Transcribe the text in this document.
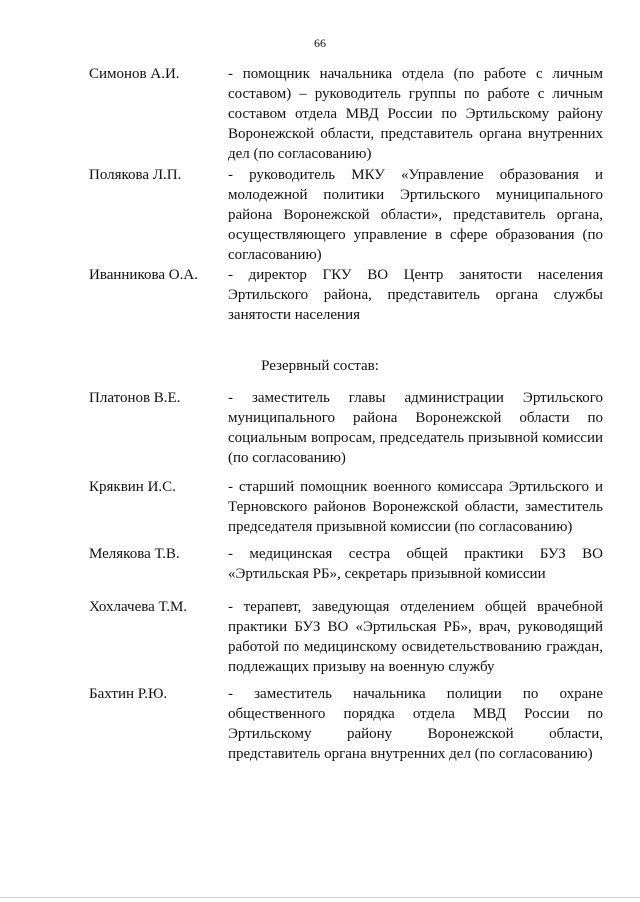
66
Симонов А.И.	- помощник начальника отдела (по работе с личным составом) – руководитель группы по работе с личным составом отдела МВД России по Эртильскому району Воронежской области, представитель органа внутренних дел (по согласованию)
Полякова Л.П.	- руководитель МКУ «Управление образования и молодежной политики Эртильского муниципального района Воронежской области», представитель органа, осуществляющего управление в сфере образования (по согласованию)
Иванникова О.А. - директор ГКУ ВО Центр занятости населения Эртильского района, представитель органа службы занятости населения
Резервный состав:
Платонов В.Е.	- заместитель главы администрации Эртильского муниципального района Воронежской области по социальным вопросам, председатель призывной комиссии (по согласованию)
Кряквин И.С.	- старший помощник военного комиссара Эртильского и Терновского районов Воронежской области, заместитель председателя призывной комиссии (по согласованию)
Мелякова Т.В.	- медицинская сестра общей практики БУЗ ВО «Эртильская РБ», секретарь призывной комиссии
Хохлачева Т.М.	- терапевт, заведующая отделением общей врачебной практики БУЗ ВО «Эртильская РБ», врач, руководящий работой по медицинскому освидетельствованию граждан, подлежащих призыву на военную службу
Бахтин Р.Ю.	- заместитель начальника полиции по охране общественного порядка отдела МВД России по Эртильскому району Воронежской области, представитель органа внутренних дел (по согласованию)
